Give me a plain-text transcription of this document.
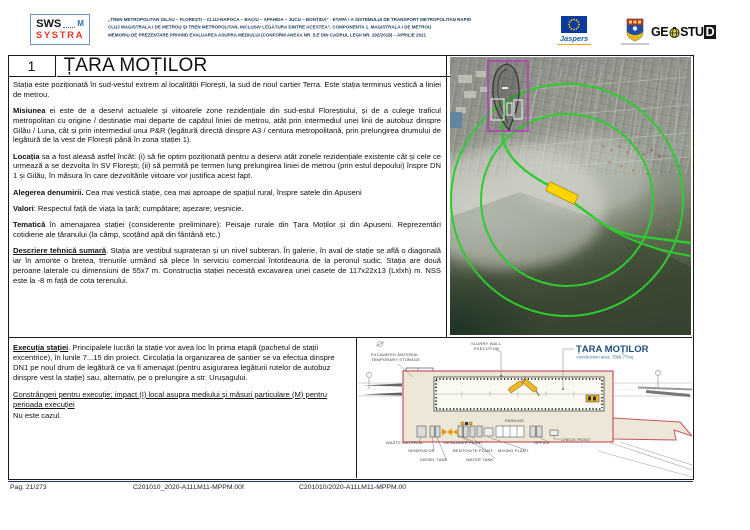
SWS M
SYSTRA
„TREN METROPOLITAN GILĂU – FLOREȘTI – CLUJ-NAPOCA – BACIU – APAHIDA – JUCU – BONȚIDA” - ETAPA I A SISTEMULUI DE TRANSPORT METROPOLITAN RAPID
CLUJ MAGISTRALA I DE METROU ȘI TREN METROPOLITAN, INCLUSIV LEGĂTURA DINTRE ACESTEA”. COMPONENTA 1. MAGISTRALA I DE METROU
MEMORIU DE PREZENTARE PRIVIND EVALUAREA ASUPRA MEDIULUI (CONFORM ANEXA NR. 5.E DIN CADRUL LEGII NR. 292/2018) – APRILIE 2021	Jaspers	GE STU D
1	ȚARA MOȚILOR

Stația este poziționată în sud-vestul extrem al localității Florești, la sud de noul cartier Terra. Este stația terminus vestică a liniei de metrou.

Misiunea ei este de a deservi actualele și viitoarele zone rezidențiale din sud-estul Floreștiului, și de a culege traficul metropolitan cu origine / destinație mai departe de capătul liniei de metrou, atât prin intermediul unei linii de autobuz dinspre Gilău / Luna, cât și prin intermediul unui P&R (legătură directă dinspre A3 / centura metropolitană, prin prelungirea drumului de legătură de la vest de Florești până în zona stației 1).

Locația sa a fost aleasă astfel încât: (i) să fie optim poziționată pentru a deservi atât zonele rezidențiale existente cât și cele ce urmează a se dezvolta în SV Florești; (ii) să permită pe termen lung prelungirea liniei de metrou (prin estul depoului) înspre DN 1 și Gilău, în măsura în care dezvoltările viitoare vor justifica acest fapt.

Alegerea denumirii. Cea mai vestică stație, cea mai aproape de spațiul rural, înspre satele din Apuseni

Valori: Respectul față de viața la țară; cumpătare; așezare; veșnicie.

Tematică în amenajarea stației (considerente preliminare): Peisaje rurale din Țara Moților și din Apuseni. Reprezentări cotidiene ale țăranului (la câmp, scoțând apă din fântână etc.)

Descriere tehnică sumară. Stația are vestibul suprateran și un nivel subteran. În galerie, în aval de stație se află o diagonală iar în amonte o bretea, trenurile urmând să plece în serviciu comercial întotdeauna de la peronul sudic. Stația are două peroane laterale cu dimensiuni de 55x7 m. Construcția stației necesită excavarea unei casete de 117x22x13 (Lxlxh) m. NSS este la -8 m față de cota terenului.

Execuția stației. Principalele lucrări la stație vor avea loc în prima etapă (pachetul de stații excentrice), în lunile 7...15 din proiect. Circulația la organizarea de șantier se va efectua dinspre DN1 pe noul drum de legătură ce va fi amenajat (pentru asigurarea legăturii rutelor de autobuz dinspre vest la stație) sau, alternativ, pe o prelungire a str. Urușagului.

Constrângeri pentru execuție; impact (I) local asupra mediului și măsuri particulare (M) pentru perioada execuției

Nu este cazul.

ȚARA MOȚILOR
construction area: 7066.77mq
EXCAVATED MATERIAL
TEMPORARY STORAGE
SLURRY WALL
EXECUTION
WASTE MATERIAL
GENERATOR
DIESEL TANK
DESANDER PLANT
BENTONITE PLANT
WATER TANK
MIXING PLANT
PARKING
OFFICE
CHECK POINT
Pag. 21/273	C201010_2020-A11LM11-MPPM.00f	C201010/2020-A11LM11-MPPM.00
